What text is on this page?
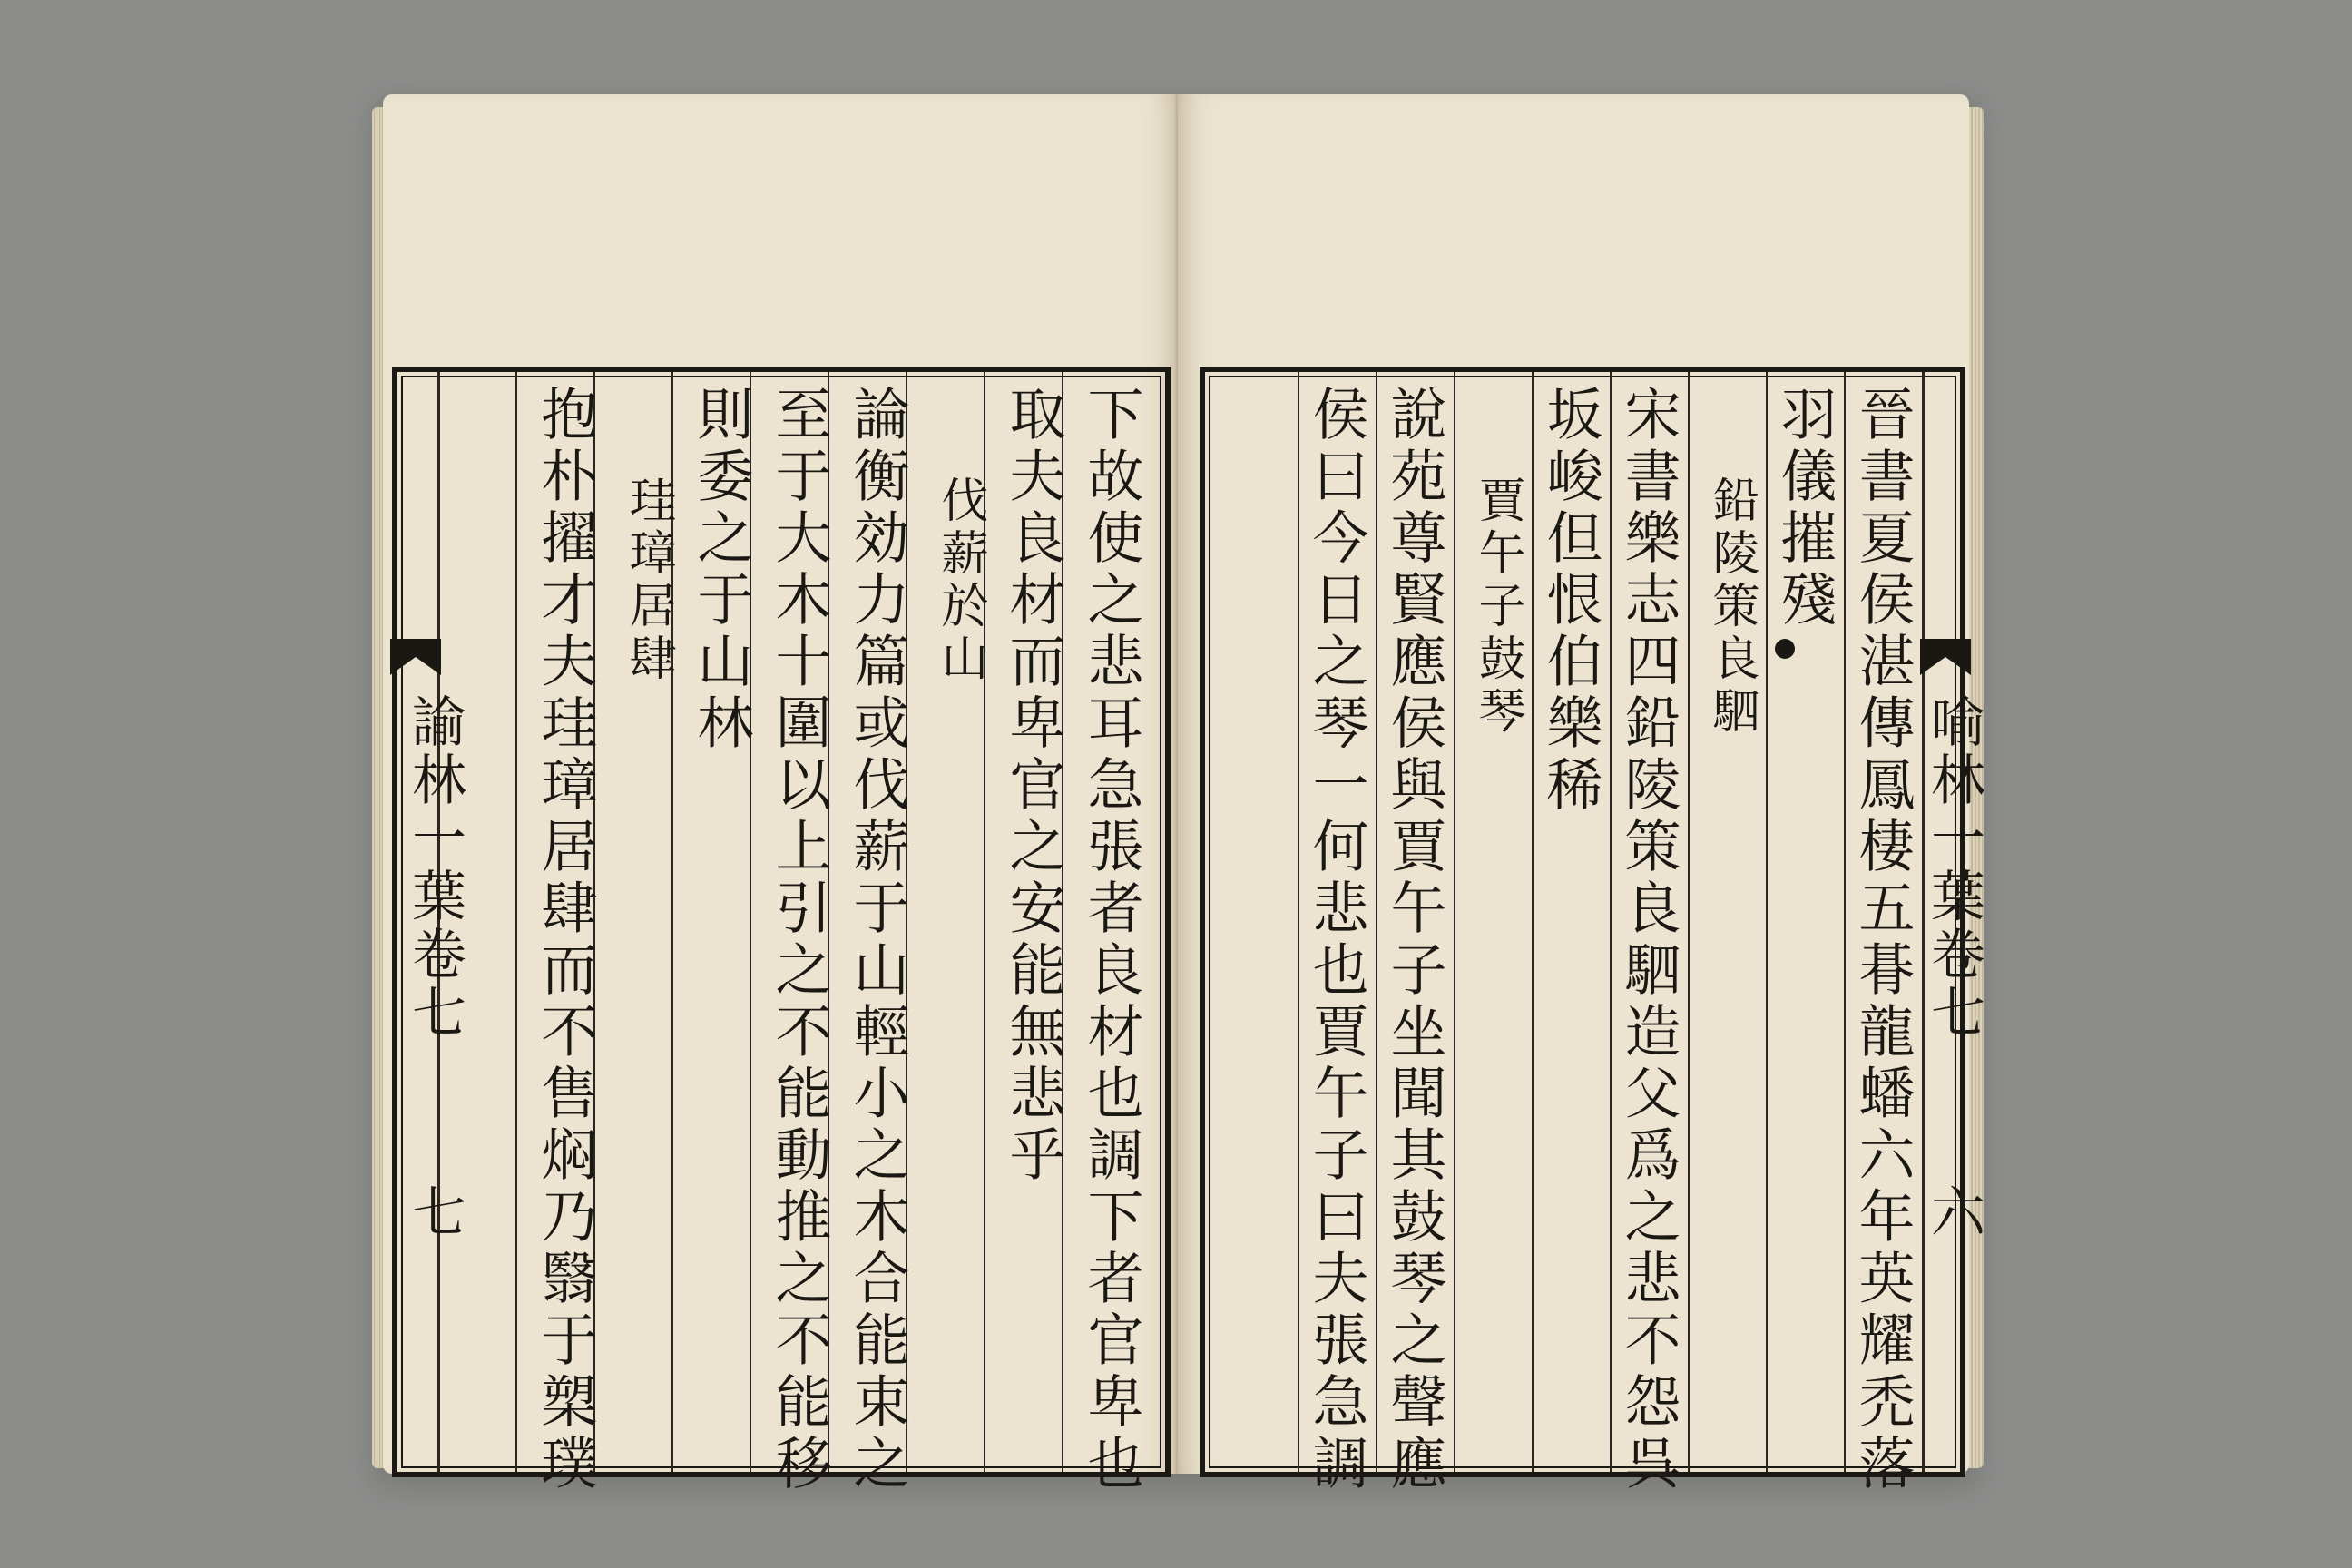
諭林一葉卷七
七	下故使之悲耳急張者良材也調下者官卑也
取夫良材而卑官之安能無悲乎
伐薪於山
論衡効力篇或伐薪于山輕小之木合能束之
至于大木十圍以上引之不能動推之不能移
則委之于山林
珪璋居肆
抱朴擢才夫珪璋居肆而不售焖乃翳于槊璞	喻林一葉卷七
六
晉書夏侯湛傳鳳棲五朞龍蟠六年英耀禿落
羽儀摧殘
鉛陵策良駟
宋書樂志四鉛陵策良駟造父爲之悲不怨呉
坂峻但恨伯樂稀
賈午子鼓琴
說苑尊賢應侯與賈午子坐聞其鼓琴之聲應
侯曰今日之琴一何悲也賈午子曰夫張急調
